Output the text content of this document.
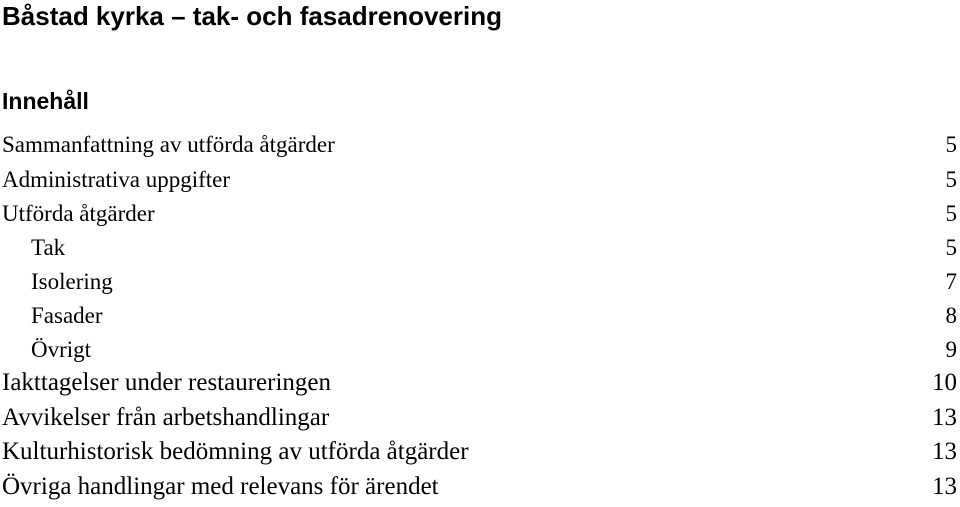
Båstad kyrka – tak- och fasadrenovering
Innehåll
Sammanfattning av utförda åtgärder	5
Administrativa uppgifter	5
Utförda åtgärder	5
Tak	5
Isolering	7
Fasader	8
Övrigt	9
Iakttagelser under restaureringen	10
Avvikelser från arbetshandlingar	13
Kulturhistorisk bedömning av utförda åtgärder	13
Övriga handlingar med relevans för ärendet	13
